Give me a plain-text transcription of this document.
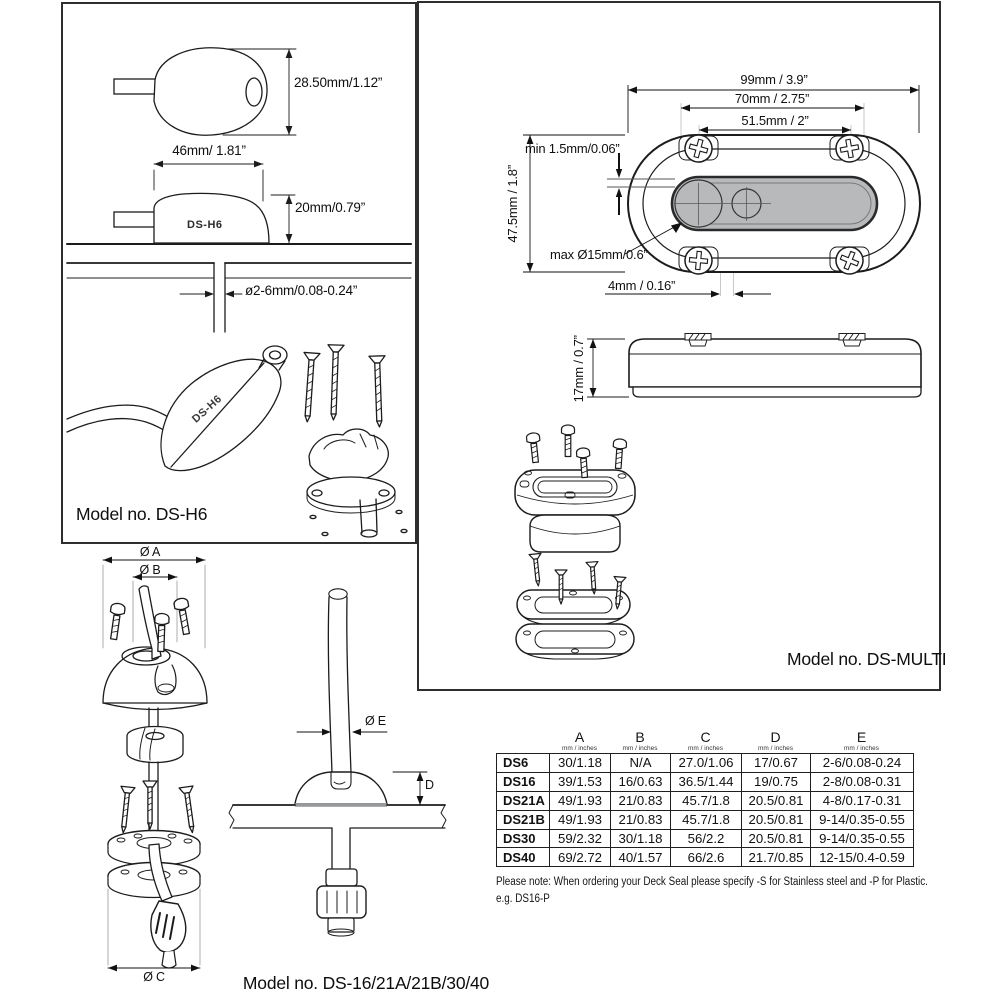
28.50mm/1.12”
46mm/ 1.81”
20mm/0.79”
DS-H6
ø2-6mm/0.08-0.24”
DS-H6
Model no. DS-H6
99mm / 3.9”
70mm / 2.75”
51.5mm / 2”
min 1.5mm/0.06”
47.5mm / 1.8”
max Ø15mm/0.6”
4mm / 0.16”
17mm / 0.7”
Model no. DS-MULTI
Ø A
Ø B
Ø E
D
Ø C	Model no. DS-16/21A/21B/30/40
A
mm / inches
B
mm / inches
C
mm / inches
D
mm / inches
E
mm / inches
DS6	30/1.18	N/A	27.0/1.06	17/0.67	2-6/0.08-0.24
DS16	39/1.53	16/0.63	36.5/1.44	19/0.75	2-8/0.08-0.31
DS21A	49/1.93	21/0.83	45.7/1.8	20.5/0.81	4-8/0.17-0.31
DS21B	49/1.93	21/0.83	45.7/1.8	20.5/0.81	9-14/0.35-0.55
DS30	59/2.32	30/1.18	56/2.2	20.5/0.81	9-14/0.35-0.55
DS40	69/2.72	40/1.57	66/2.6	21.7/0.85	12-15/0.4-0.59
Please note: When ordering your Deck Seal please specify -S for Stainless steel and -P for Plastic.
e.g. DS16-P
